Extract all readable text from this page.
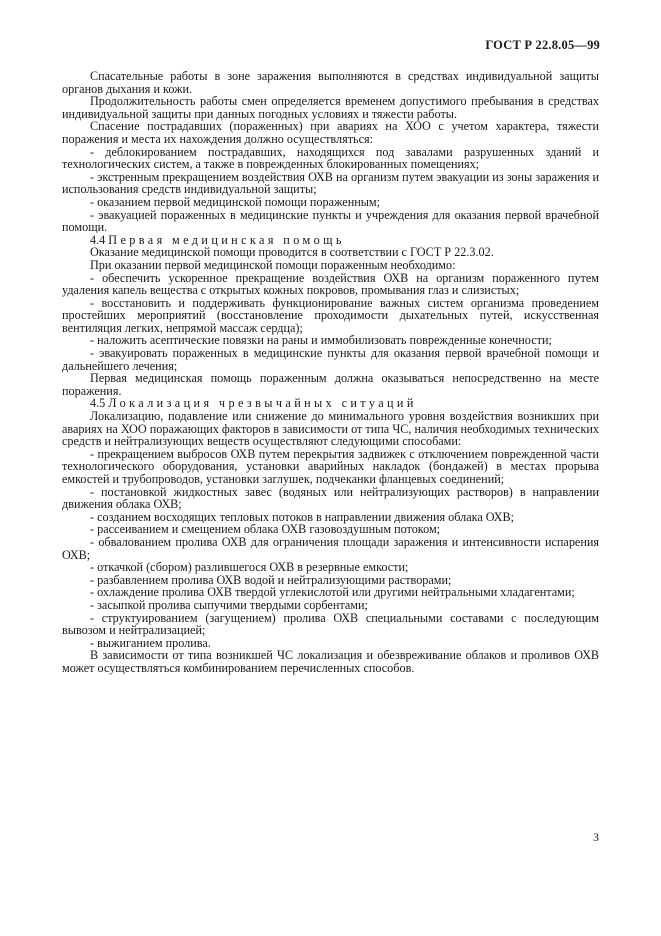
ГОСТ Р 22.8.05—99

Спасательные работы в зоне заражения выполняются в средствах индивидуальной защиты органов дыхания и кожи.

Продолжительность работы смен определяется временем допустимого пребывания в средствах индивидуальной защиты при данных погодных условиях и тяжести работы.

Спасение пострадавших (пораженных) при авариях на ХОО с учетом характера, тяжести поражения и места их нахождения должно осуществляться:

- деблокированием пострадавших, находящихся под завалами разрушенных зданий и технологических систем, а также в поврежденных блокированных помещениях;

- экстренным прекращением воздействия ОХВ на организм путем эвакуации из зоны заражения и использования средств индивидуальной защиты;

- оказанием первой медицинской помощи пораженным;

- эвакуацией пораженных в медицинские пункты и учреждения для оказания первой врачебной помощи.

4.4 Первая медицинская помощь

Оказание медицинской помощи проводится в соответствии с ГОСТ Р 22.3.02.

При оказании первой медицинской помощи пораженным необходимо:

- обеспечить ускоренное прекращение воздействия ОХВ на организм пораженного путем удаления капель вещества с открытых кожных покровов, промывания глаз и слизистых;

- восстановить и поддерживать функционирование важных систем организма проведением простейших мероприятий (восстановление проходимости дыхательных путей, искусственная вентиляция легких, непрямой массаж сердца);

- наложить асептические повязки на раны и иммобилизовать поврежденные конечности;

- эвакуировать пораженных в медицинские пункты для оказания первой врачебной помощи и дальнейшего лечения;

Первая медицинская помощь пораженным должна оказываться непосредственно на месте поражения.

4.5 Локализация чрезвычайных ситуаций

Локализацию, подавление или снижение до минимального уровня воздействия возникших при авариях на ХОО поражающих факторов в зависимости от типа ЧС, наличия необходимых технических средств и нейтрализующих веществ осуществляют следующими способами:

- прекращением выбросов ОХВ путем перекрытия задвижек с отключением поврежденной части технологического оборудования, установки аварийных накладок (бондажей) в местах прорыва емкостей и трубопроводов, установки заглушек, подчеканки фланцевых соединений;

- постановкой жидкостных завес (водяных или нейтрализующих растворов) в направлении движения облака ОХВ;

- созданием восходящих тепловых потоков в направлении движения облака ОХВ;

- рассеиванием и смещением облака ОХВ газовоздушным потоком;

- обвалованием пролива ОХВ для ограничения площади заражения и интенсивности испарения ОХВ;

- откачкой (сбором) разлившегося ОХВ в резервные емкости;

- разбавлением пролива ОХВ водой и нейтрализующими растворами;

- охлаждение пролива ОХВ твердой углекислотой или другими нейтральными хладагентами;

- засыпкой пролива сыпучими твердыми сорбентами;

- структуированием (загущением) пролива ОХВ специальными составами с последующим вывозом и нейтрализацией;

- выжиганием пролива.

В зависимости от типа возникшей ЧС локализация и обезвреживание облаков и проливов ОХВ может осуществляться комбинированием перечисленных способов.

3
